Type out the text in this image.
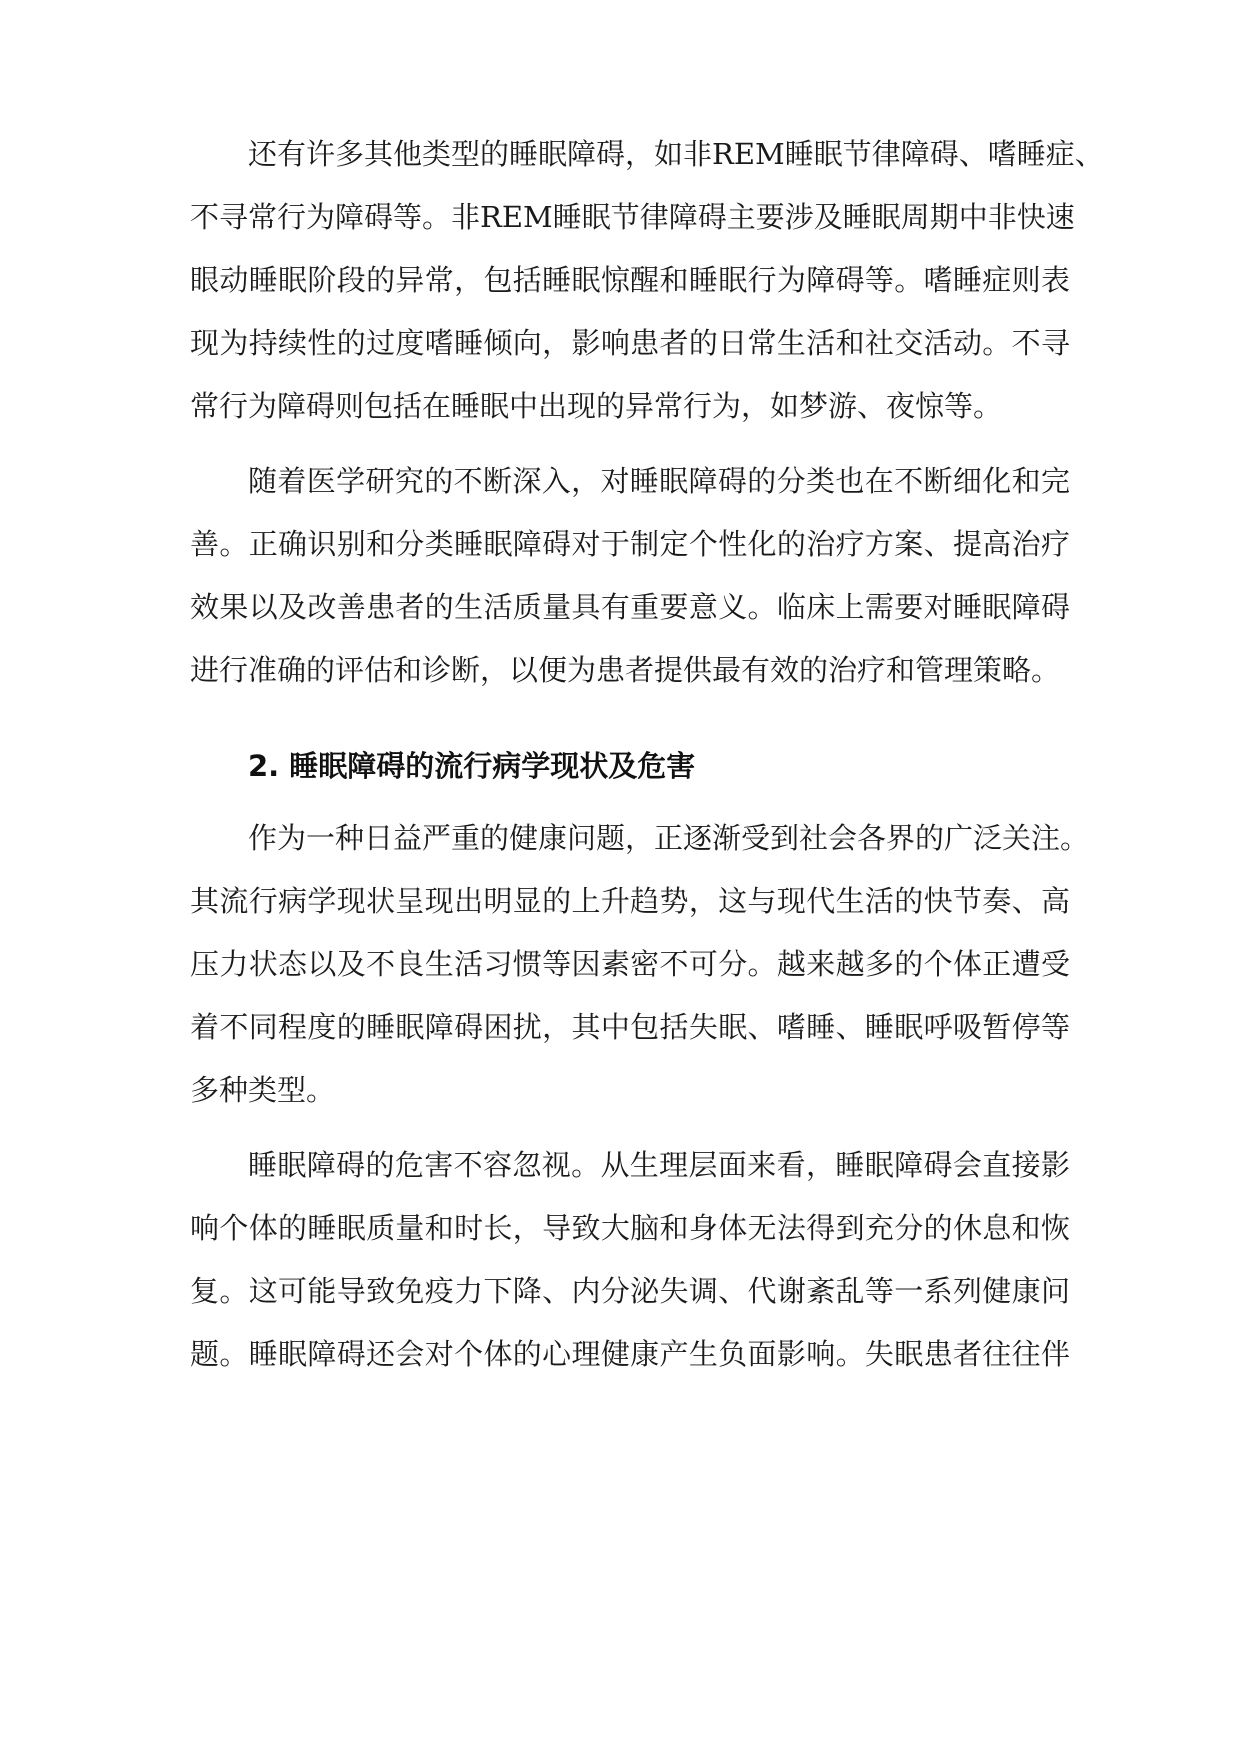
还有许多其他类型的睡眠障碍，如非REM睡眠节律障碍、嗜睡症、
不寻常行为障碍等。非REM睡眠节律障碍主要涉及睡眠周期中非快速
眼动睡眠阶段的异常，包括睡眠惊醒和睡眠行为障碍等。嗜睡症则表
现为持续性的过度嗜睡倾向，影响患者的日常生活和社交活动。不寻
常行为障碍则包括在睡眠中出现的异常行为，如梦游、夜惊等。
随着医学研究的不断深入，对睡眠障碍的分类也在不断细化和完
善。正确识别和分类睡眠障碍对于制定个性化的治疗方案、提高治疗
效果以及改善患者的生活质量具有重要意义。临床上需要对睡眠障碍
进行准确的评估和诊断，以便为患者提供最有效的治疗和管理策略。
2. 睡眠障碍的流行病学现状及危害
作为一种日益严重的健康问题，正逐渐受到社会各界的广泛关注。
其流行病学现状呈现出明显的上升趋势，这与现代生活的快节奏、高
压力状态以及不良生活习惯等因素密不可分。越来越多的个体正遭受
着不同程度的睡眠障碍困扰，其中包括失眠、嗜睡、睡眠呼吸暂停等
多种类型。
睡眠障碍的危害不容忽视。从生理层面来看，睡眠障碍会直接影
响个体的睡眠质量和时长，导致大脑和身体无法得到充分的休息和恢
复。这可能导致免疫力下降、内分泌失调、代谢紊乱等一系列健康问
题。睡眠障碍还会对个体的心理健康产生负面影响。失眠患者往往伴
